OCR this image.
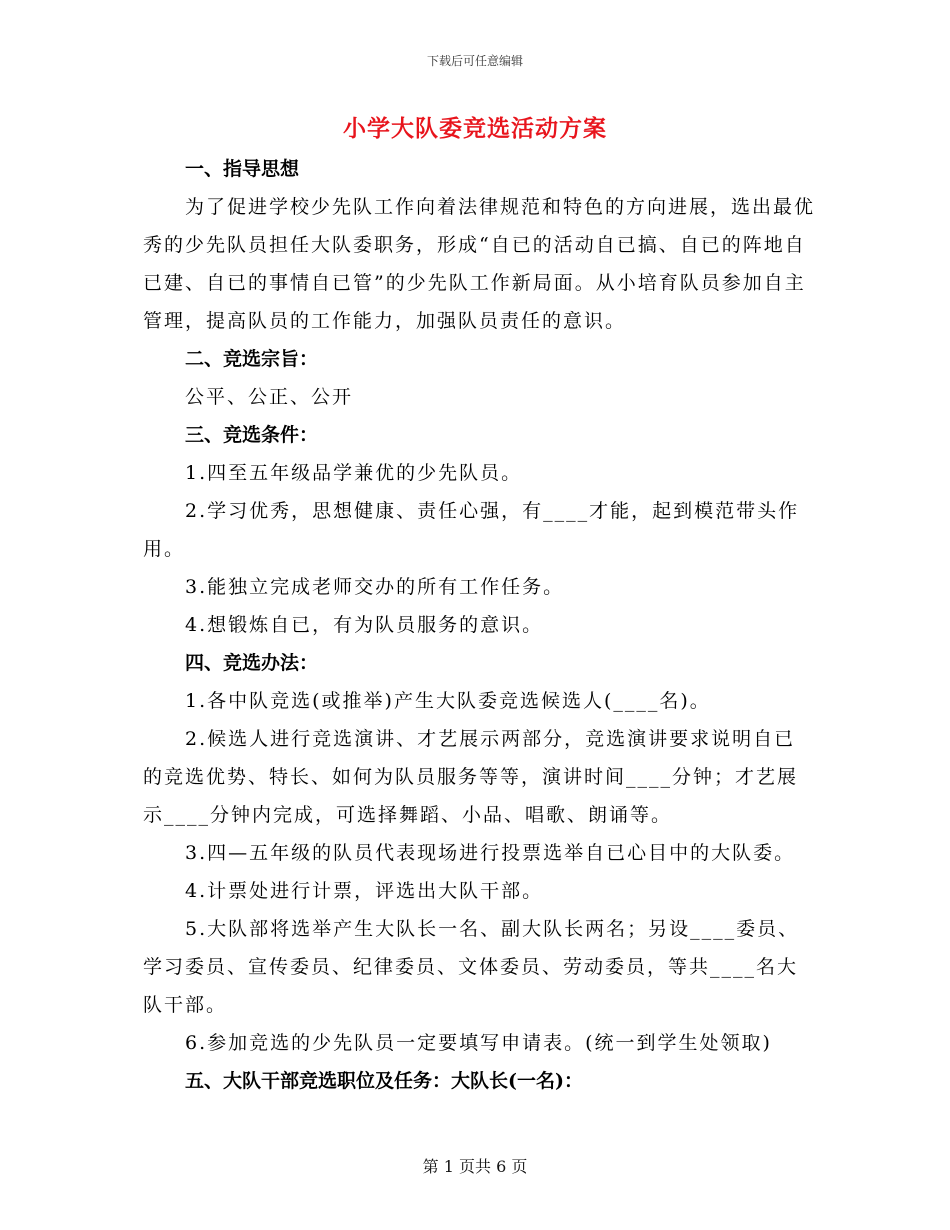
下载后可任意编辑
小学大队委竞选活动方案

一、指导思想

为了促进学校少先队工作向着法律规范和特色的方向进展，选出最优秀的少先队员担任大队委职务，形成“自已的活动自已搞、自已的阵地自已建、自已的事情自已管”的少先队工作新局面。从小培育队员参加自主管理，提高队员的工作能力，加强队员责任的意识。

二、竞选宗旨：

公平、公正、公开

三、竞选条件：

1.四至五年级品学兼优的少先队员。

2.学习优秀，思想健康、责任心强，有____才能，起到模范带头作用。

3.能独立完成老师交办的所有工作任务。

4.想锻炼自已，有为队员服务的意识。

四、竞选办法：

1.各中队竞选(或推举)产生大队委竞选候选人(____名)。

2.候选人进行竞选演讲、才艺展示两部分，竞选演讲要求说明自已的竞选优势、特长、如何为队员服务等等，演讲时间____分钟；才艺展示____分钟内完成，可选择舞蹈、小品、唱歌、朗诵等。

3.四—五年级的队员代表现场进行投票选举自已心目中的大队委。

4.计票处进行计票，评选出大队干部。

5.大队部将选举产生大队长一名、副大队长两名；另设____委员、学习委员、宣传委员、纪律委员、文体委员、劳动委员，等共____名大队干部。

6.参加竞选的少先队员一定要填写申请表。(统一到学生处领取)

五、大队干部竞选职位及任务：大队长(一名)：

第 1 页共 6 页
